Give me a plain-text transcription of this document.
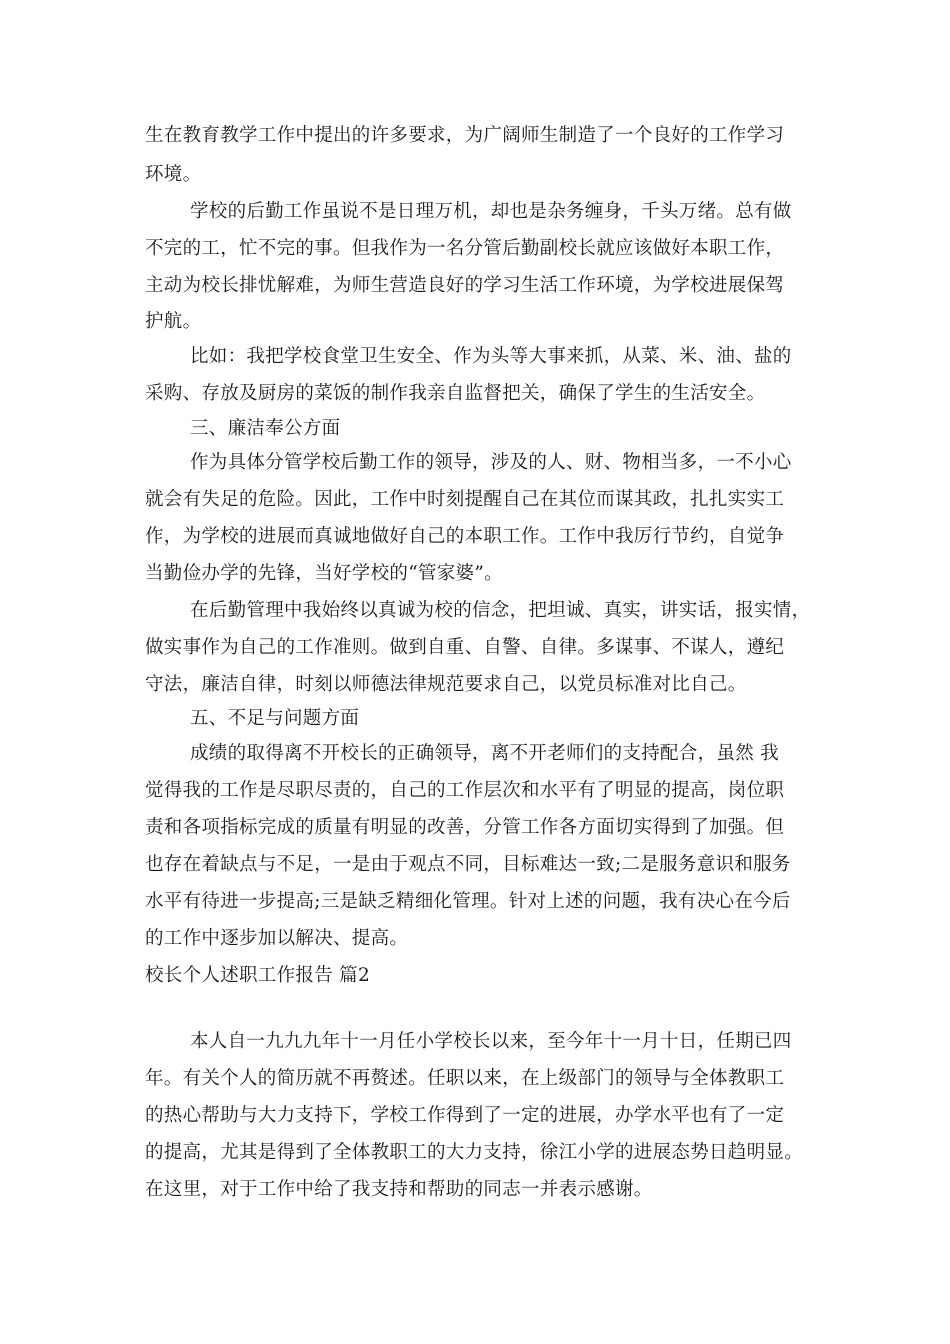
生在教育教学工作中提出的许多要求，为广阔师生制造了一个良好的工作学习
环境。
学校的后勤工作虽说不是日理万机，却也是杂务缠身，千头万绪。总有做
不完的工，忙不完的事。但我作为一名分管后勤副校长就应该做好本职工作，
主动为校长排忧解难，为师生营造良好的学习生活工作环境，为学校进展保驾
护航。
比如：我把学校食堂卫生安全、作为头等大事来抓，从菜、米、油、盐的
采购、存放及厨房的菜饭的制作我亲自监督把关，确保了学生的生活安全。
三、廉洁奉公方面
作为具体分管学校后勤工作的领导，涉及的人、财、物相当多，一不小心
就会有失足的危险。因此，工作中时刻提醒自己在其位而谋其政，扎扎实实工
作，为学校的进展而真诚地做好自己的本职工作。工作中我厉行节约，自觉争
当勤俭办学的先锋，当好学校的“管家婆”。
在后勤管理中我始终以真诚为校的信念，把坦诚、真实，讲实话，报实情，
做实事作为自己的工作准则。做到自重、自警、自律。多谋事、不谋人，遵纪
守法，廉洁自律，时刻以师德法律规范要求自己，以党员标准对比自己。
五、不足与问题方面
成绩的取得离不开校长的正确领导，离不开老师们的支持配合，虽然 我
觉得我的工作是尽职尽责的，自己的工作层次和水平有了明显的提高，岗位职
责和各项指标完成的质量有明显的改善，分管工作各方面切实得到了加强。但
也存在着缺点与不足，一是由于观点不同，目标难达一致;二是服务意识和服务
水平有待进一步提高;三是缺乏精细化管理。针对上述的问题，我有决心在今后
的工作中逐步加以解决、提高。
校长个人述职工作报告 篇2
本人自一九九九年十一月任小学校长以来，至今年十一月十日，任期已四
年。有关个人的简历就不再赘述。任职以来，在上级部门的领导与全体教职工
的热心帮助与大力支持下，学校工作得到了一定的进展，办学水平也有了一定
的提高，尤其是得到了全体教职工的大力支持，徐江小学的进展态势日趋明显。
在这里，对于工作中给了我支持和帮助的同志一并表示感谢。
